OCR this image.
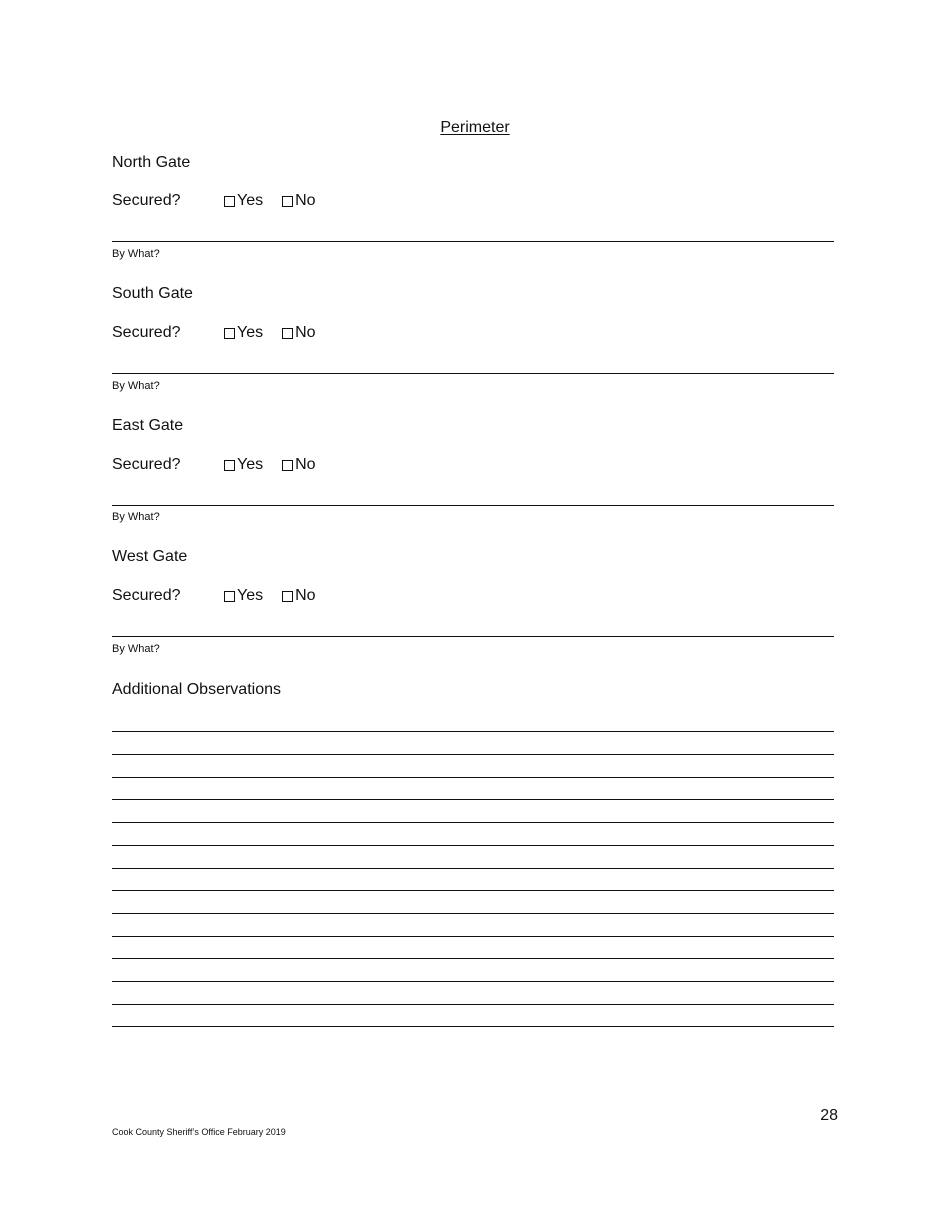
Perimeter
North Gate
Secured?	Yes No
By What?
South Gate
Secured?	Yes No
By What?
East Gate
Secured?	Yes No
By What?
West Gate
Secured?	Yes No
By What?
Additional Observations
28
Cook County Sheriff’s Office February 2019
